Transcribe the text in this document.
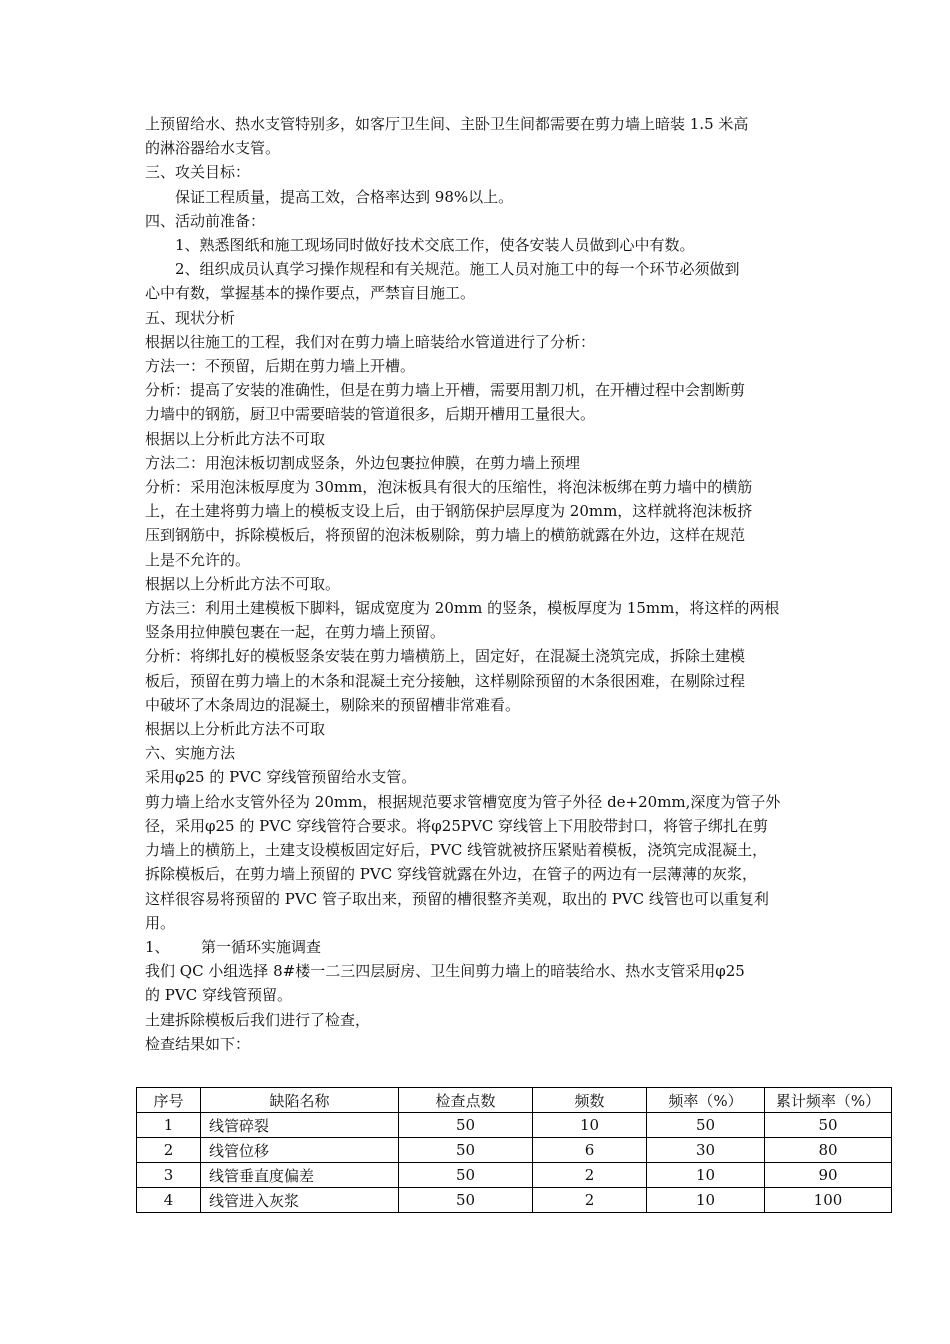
上预留给水、热水支管特别多，如客厅卫生间、主卧卫生间都需要在剪力墙上暗装 1.5 米高
的淋浴器给水支管。
三、攻关目标：
保证工程质量，提高工效，合格率达到 98%以上。
四、活动前准备：
1、熟悉图纸和施工现场同时做好技术交底工作，使各安装人员做到心中有数。
2、组织成员认真学习操作规程和有关规范。施工人员对施工中的每一个环节必须做到
心中有数，掌握基本的操作要点，严禁盲目施工。
五、现状分析
根据以往施工的工程，我们对在剪力墙上暗装给水管道进行了分析：
方法一：不预留，后期在剪力墙上开槽。
分析：提高了安装的准确性，但是在剪力墙上开槽，需要用割刀机，在开槽过程中会割断剪
力墙中的钢筋，厨卫中需要暗装的管道很多，后期开槽用工量很大。
根据以上分析此方法不可取
方法二：用泡沫板切割成竖条，外边包裹拉伸膜，在剪力墙上预埋
分析：采用泡沫板厚度为 30mm，泡沫板具有很大的压缩性，将泡沫板绑在剪力墙中的横筋
上，在土建将剪力墙上的模板支设上后，由于钢筋保护层厚度为 20mm，这样就将泡沫板挤
压到钢筋中，拆除模板后，将预留的泡沫板剔除，剪力墙上的横筋就露在外边，这样在规范
上是不允许的。
根据以上分析此方法不可取。
方法三：利用土建模板下脚料，锯成宽度为 20mm 的竖条，模板厚度为 15mm，将这样的两根
竖条用拉伸膜包裹在一起，在剪力墙上预留。
分析：将绑扎好的模板竖条安装在剪力墙横筋上，固定好，在混凝土浇筑完成，拆除土建模
板后，预留在剪力墙上的木条和混凝土充分接触，这样剔除预留的木条很困难，在剔除过程
中破坏了木条周边的混凝土，剔除来的预留槽非常难看。
根据以上分析此方法不可取
六、实施方法
采用φ25 的 PVC 穿线管预留给水支管。
剪力墙上给水支管外径为 20mm，根据规范要求管槽宽度为管子外径 de+20mm,深度为管子外
径，采用φ25 的 PVC 穿线管符合要求。将φ25PVC 穿线管上下用胶带封口，将管子绑扎在剪
力墙上的横筋上，土建支设模板固定好后，PVC 线管就被挤压紧贴着模板，浇筑完成混凝土，
拆除模板后，在剪力墙上预留的 PVC 穿线管就露在外边，在管子的两边有一层薄薄的灰浆，
这样很容易将预留的 PVC 管子取出来，预留的槽很整齐美观，取出的 PVC 线管也可以重复利
用。
1、 第一循环实施调查
我们 QC 小组选择 8#楼一二三四层厨房、卫生间剪力墙上的暗装给水、热水支管采用φ25
的 PVC 穿线管预留。
土建拆除模板后我们进行了检查，
检查结果如下：
序号	缺陷名称	检查点数	频数	频率（%）	累计频率（%）
1	线管碎裂	50	10	50	50
2	线管位移	50	6	30	80
3	线管垂直度偏差	50	2	10	90
4	线管进入灰浆	50	2	10	100
